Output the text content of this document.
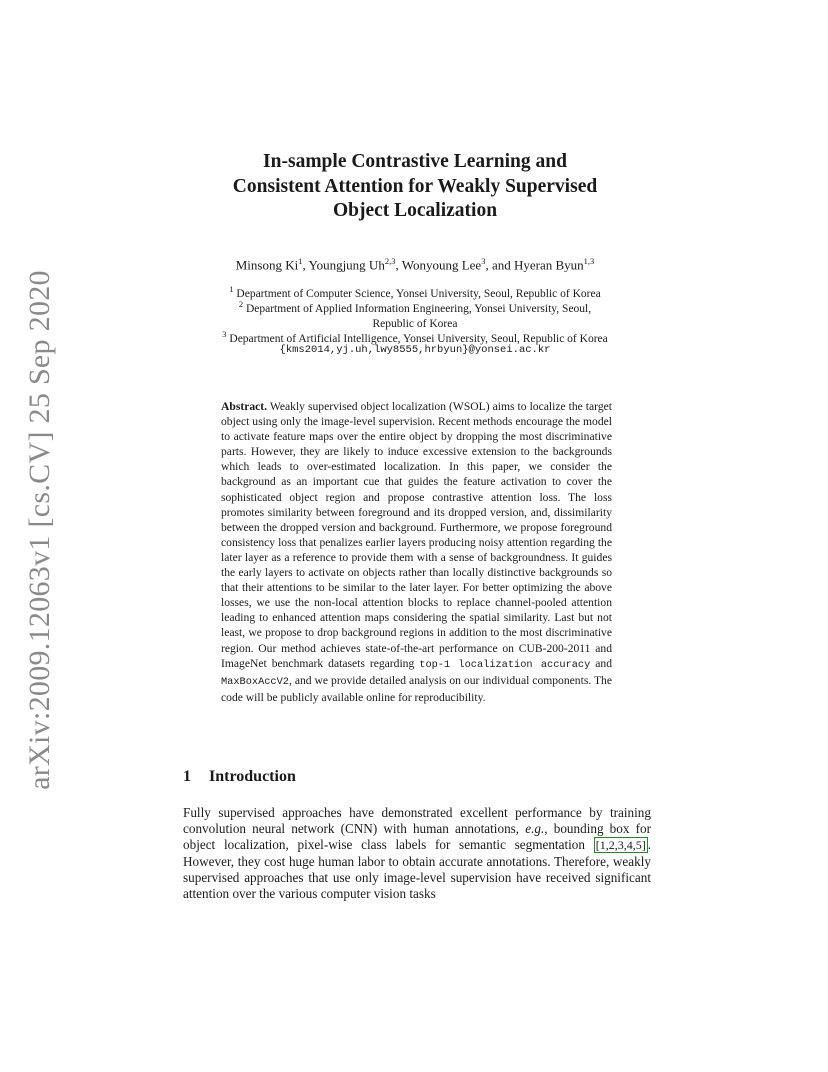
arXiv:2009.12063v1 [cs.CV] 25 Sep 2020
In-sample Contrastive Learning and
Consistent Attention for Weakly Supervised
Object Localization
Minsong Ki$^1$, Youngjung Uh$^{2,3}$, Wonyoung Lee$^3$, and Hyeran Byun$^{1,3}$
$^1$ Department of Computer Science, Yonsei University, Seoul, Republic of Korea
$^2$ Department of Applied Information Engineering, Yonsei University, Seoul,
Republic of Korea
$^3$ Department of Artificial Intelligence, Yonsei University, Seoul, Republic of Korea
{kms2014,yj.uh,lwy8555,hrbyun}@yonsei.ac.kr
Abstract. Weakly supervised object localization (WSOL) aims to localize the target object using only the image-level supervision. Recent methods encourage the model to activate feature maps over the entire object by dropping the most discriminative parts. However, they are likely to induce excessive extension to the backgrounds which leads to over-estimated localization. In this paper, we consider the background as an important cue that guides the feature activation to cover the sophisticated object region and propose contrastive attention loss. The loss promotes similarity between foreground and its dropped version, and, dissimilarity between the dropped version and background. Furthermore, we propose foreground consistency loss that penalizes earlier layers producing noisy attention regarding the later layer as a reference to provide them with a sense of backgroundness. It guides the early layers to activate on objects rather than locally distinctive backgrounds so that their attentions to be similar to the later layer. For better optimizing the above losses, we use the non-local attention blocks to replace channel-pooled attention leading to enhanced attention maps considering the spatial similarity. Last but not least, we propose to drop background regions in addition to the most discriminative region. Our method achieves state-of-the-art performance on CUB-200-2011 and ImageNet benchmark datasets regarding top-1 localization accuracy and MaxBoxAccV2, and we provide detailed analysis on our individual components. The code will be publicly available online for reproducibility.
1 Introduction
Fully supervised approaches have demonstrated excellent performance by training convolution neural network (CNN) with human annotations, e.g., bounding box for object localization, pixel-wise class labels for semantic segmentation [1,2,3,4,5] . However, they cost huge human labor to obtain accurate annotations. Therefore, weakly supervised approaches that use only image-level supervision have received significant attention over the various computer vision tasks
